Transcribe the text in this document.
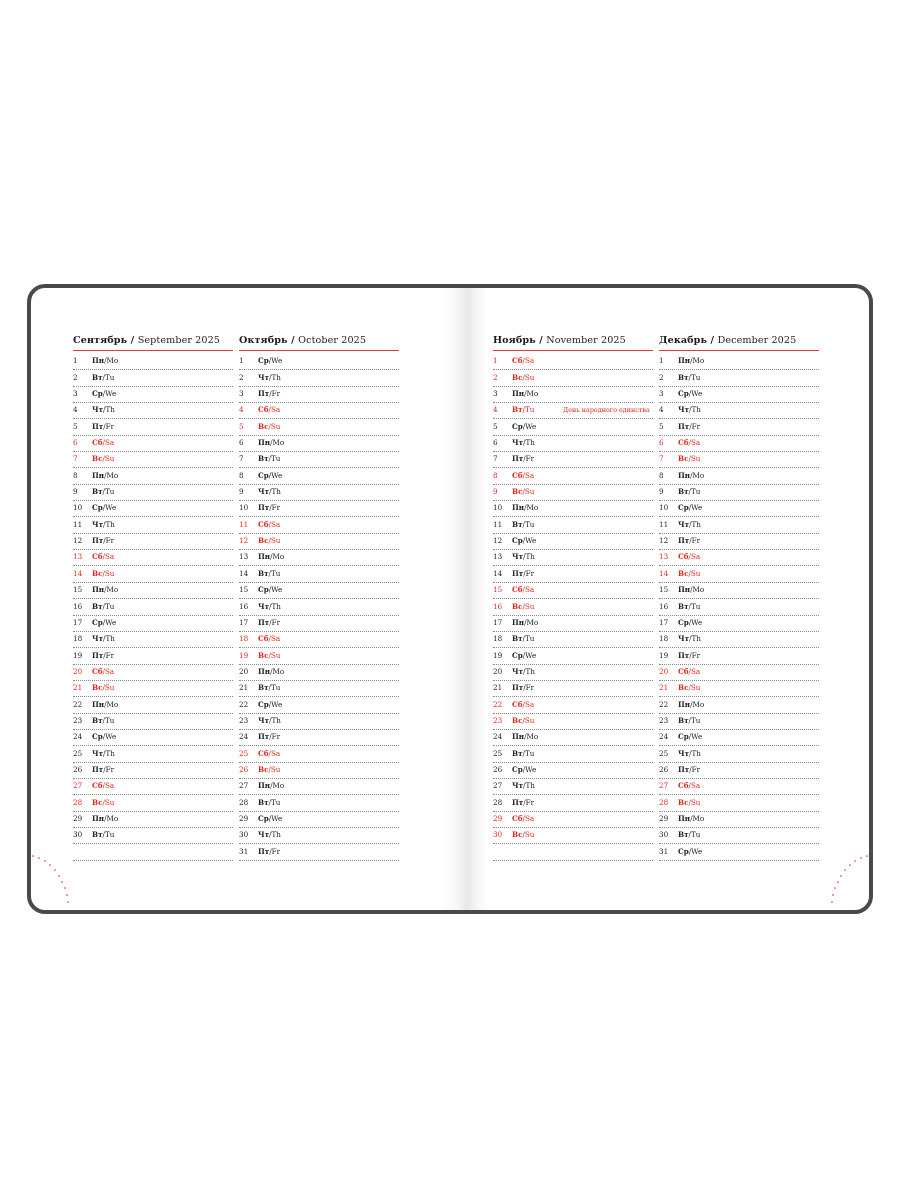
Сентябрь / September 2025
1	Пн/Mo
2	Вт/Tu
3	Ср/We
4	Чт/Th
5	Пт/Fr
6	Сб/Sa
7	Вс/Su
8	Пн/Mo
9	Вт/Tu
10	Ср/We
11	Чт/Th
12	Пт/Fr
13	Сб/Sa
14	Вс/Su
15	Пн/Mo
16	Вт/Tu
17	Ср/We
18	Чт/Th
19	Пт/Fr
20	Сб/Sa
21	Вс/Su
22	Пн/Mo
23	Вт/Tu
24	Ср/We
25	Чт/Th
26	Пт/Fr
27	Сб/Sa
28	Вс/Su
29	Пн/Mo
30	Вт/Tu
Октябрь / October 2025
1	Ср/We
2	Чт/Th
3	Пт/Fr
4	Сб/Sa
5	Вс/Su
6	Пн/Mo
7	Вт/Tu
8	Ср/We
9	Чт/Th
10	Пт/Fr
11	Сб/Sa
12	Вс/Su
13	Пн/Mo
14	Вт/Tu
15	Ср/We
16	Чт/Th
17	Пт/Fr
18	Сб/Sa
19	Вс/Su
20	Пн/Mo
21	Вт/Tu
22	Ср/We
23	Чт/Th
24	Пт/Fr
25	Сб/Sa
26	Вс/Su
27	Пн/Mo
28	Вт/Tu
29	Ср/We
30	Чт/Th
31	Пт/Fr
Ноябрь / November 2025
1	Сб/Sa
2	Вс/Su
3	Пн/Mo
4	Вт/Tu	День народного единства
5	Ср/We
6	Чт/Th
7	Пт/Fr
8	Сб/Sa
9	Вс/Su
10	Пн/Mo
11	Вт/Tu
12	Ср/We
13	Чт/Th
14	Пт/Fr
15	Сб/Sa
16	Вс/Su
17	Пн/Mo
18	Вт/Tu
19	Ср/We
20	Чт/Th
21	Пт/Fr
22	Сб/Sa
23	Вс/Su
24	Пн/Mo
25	Вт/Tu
26	Ср/We
27	Чт/Th
28	Пт/Fr
29	Сб/Sa
30	Вс/Su
Декабрь / December 2025
1	Пн/Mo
2	Вт/Tu
3	Ср/We
4	Чт/Th
5	Пт/Fr
6	Сб/Sa
7	Вс/Su
8	Пн/Mo
9	Вт/Tu
10	Ср/We
11	Чт/Th
12	Пт/Fr
13	Сб/Sa
14	Вс/Su
15	Пн/Mo
16	Вт/Tu
17	Ср/We
18	Чт/Th
19	Пт/Fr
20	Сб/Sa
21	Вс/Su
22	Пн/Mo
23	Вт/Tu
24	Ср/We
25	Чт/Th
26	Пт/Fr
27	Сб/Sa
28	Вс/Su
29	Пн/Mo
30	Вт/Tu
31	Ср/We
